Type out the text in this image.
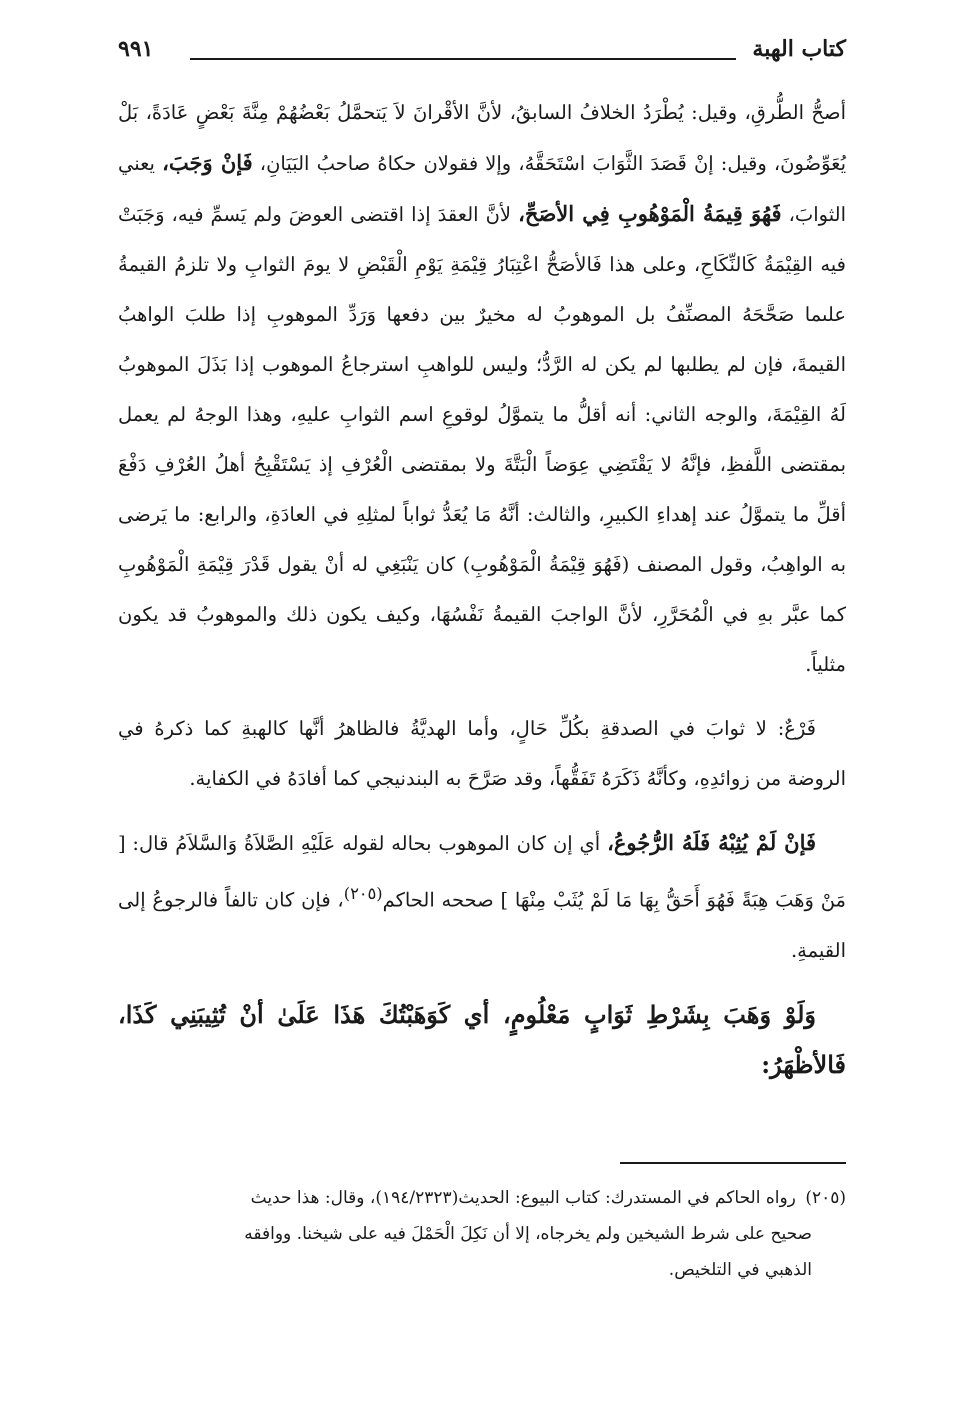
كتاب الهبة
٩٩١

أصحُّ الطُّرقِ، وقيل: يُطْرَدُ الخلافُ السابقُ، لأنَّ الأقْرانَ لاَ يَتحمَّلُ بَعْضُهُمْ مِنَّةَ بَعْضٍ عَادَةً، بَلْ يُعَوِّضُونَ، وقيل: إنْ قَصَدَ الثَّوَابَ اسْتَحَقَّهُ، وإلا فقولان حكاهُ صاحبُ البَيَانِ، فَإنْ وَجَبَ، يعني الثوابَ، فَهُوَ قِيمَةُ الْمَوْهُوبِ فِي الأصَحِّ، لأنَّ العقدَ إذا اقتضى العوضَ ولم يَسمِّ فيه، وَجَبَتْ فيه القِيْمَةُ كَالنِّكَاحِ، وعلى هذا فَالأصَحُّ اعْتِبَارُ قِيْمَةِ يَوْمِ الْقَبْضِ لا يومَ الثوابِ ولا تلزمُ القيمةُ علىما صَحَّحَهُ المصنِّفُ بل الموهوبُ له مخيرٌ بين دفعها وَرَدِّ الموهوبِ إذا طلبَ الواهبُ القيمةَ، فإن لم يطلبها لم يكن له الرَّدُّ؛ وليس للواهبِ استرجاعُ الموهوب إذا بَذَلَ الموهوبُ لَهُ القِيْمَةَ، والوجه الثاني: أنه أقلُّ ما يتموَّلُ لوقوعِ اسم الثوابِ عليهِ، وهذا الوجهُ لم يعمل بمقتضى اللَّفظِ، فإنَّهُ لا يَقْتَضِي عِوَضاً الْبَتَّةَ ولا بمقتضى الْعُرْفِ إذ يَسْتَقْبِحُ أهلُ العُرْفِ دَفْعَ أقلِّ ما يتموَّلُ عند إهداءِ الكبيرِ، والثالث: أنَّهُ مَا يُعَدُّ ثواباً لمثلِهِ في العادَةِ، والرابع: ما يَرضى به الواهِبُ، وقول المصنف (فَهُوَ قِيْمَةُ الْمَوْهُوبِ) كان يَنْبَغِي له أنْ يقول قَدْرَ قِيْمَةِ الْمَوْهُوبِ كما عبَّر بهِ في الْمُحَرَّرِ، لأنَّ الواجبَ القيمةُ نَفْسُهَا، وكيف يكون ذلك والموهوبُ قد يكون مثلياً.

فَرْعٌ: لا ثوابَ في الصدقةِ بكُلِّ حَالٍ، وأما الهديَّةُ فالظاهرُ أنَّها كالهبةِ كما ذكرهُ في الروضة من زوائدِهِ، وكأنَّهُ ذَكَرَهُ تَفَقُّهاً، وقد صَرَّحَ به البندنيجي كما أفادَهُ في الكفاية.

فَإنْ لَمْ يُثِبْهُ فَلَهُ الرُّجُوعُ، أي إن كان الموهوب بحاله لقوله عَلَيْهِ الصَّلاَةُ وَالسَّلاَمُ قال: [ مَنْ وَهَبَ هِبَةً فَهُوَ أَحَقُّ بِهَا مَا لَمْ يُثَبْ مِنْهَا ] صححه الحاكم$^{(٢٠٥)}$، فإن كان تالفاً فالرجوعُ إلى القيمةِ.

وَلَوْ وَهَبَ بِشَرْطِ ثَوَابٍ مَعْلُومٍ، أي كَوَهَبْتُكَ هَذَا عَلَىٰ أنْ تُثِيبَنِي كَذَا، فَالأظْهَرُ:

(٢٠٥) رواه الحاكم في المستدرك: كتاب البيوع: الحديث(١٩٤/٢٣٢٣)، وقال: هذا حديث
صحيح على شرط الشيخين ولم يخرجاه، إلا أن نَكِلَ الْحَمْلَ فيه على شيخنا. ووافقه
الذهبي في التلخيص.
